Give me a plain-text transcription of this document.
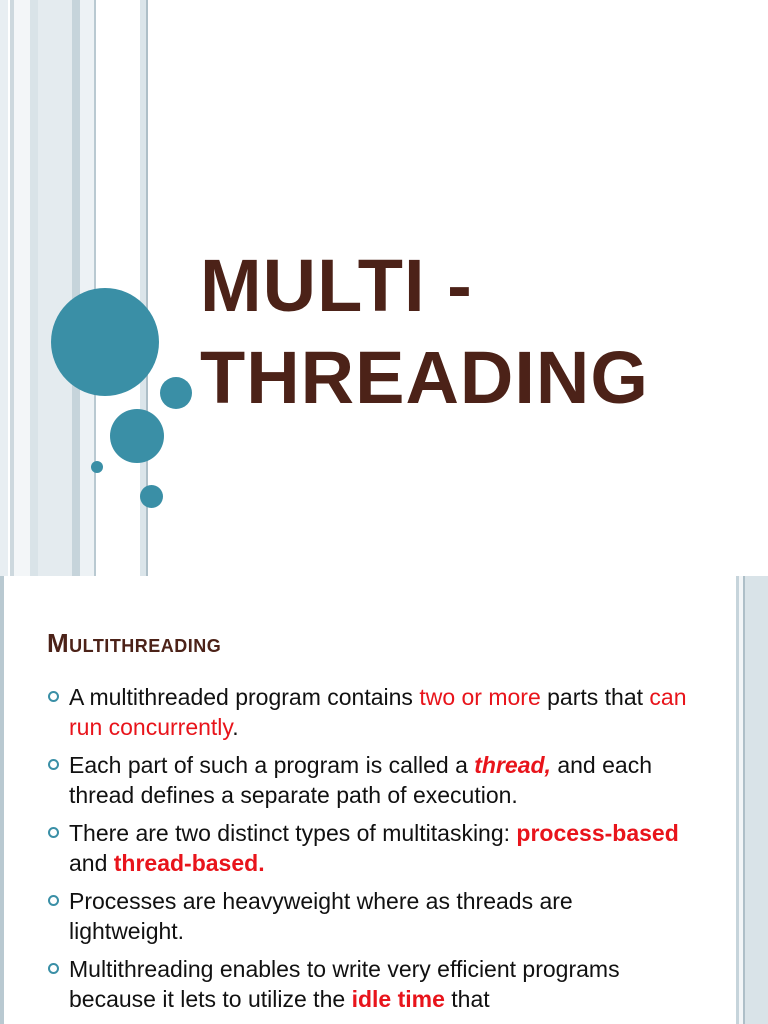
MULTI -
THREADING
Multithreading
A multithreaded program contains two or more parts that can run concurrently.
Each part of such a program is called a thread, and each thread defines a separate path of execution.
There are two distinct types of multitasking: process-based and thread-based.
Processes are heavyweight where as threads are lightweight.
Multithreading enables to write very efficient programs because it lets to utilize the idle time that
